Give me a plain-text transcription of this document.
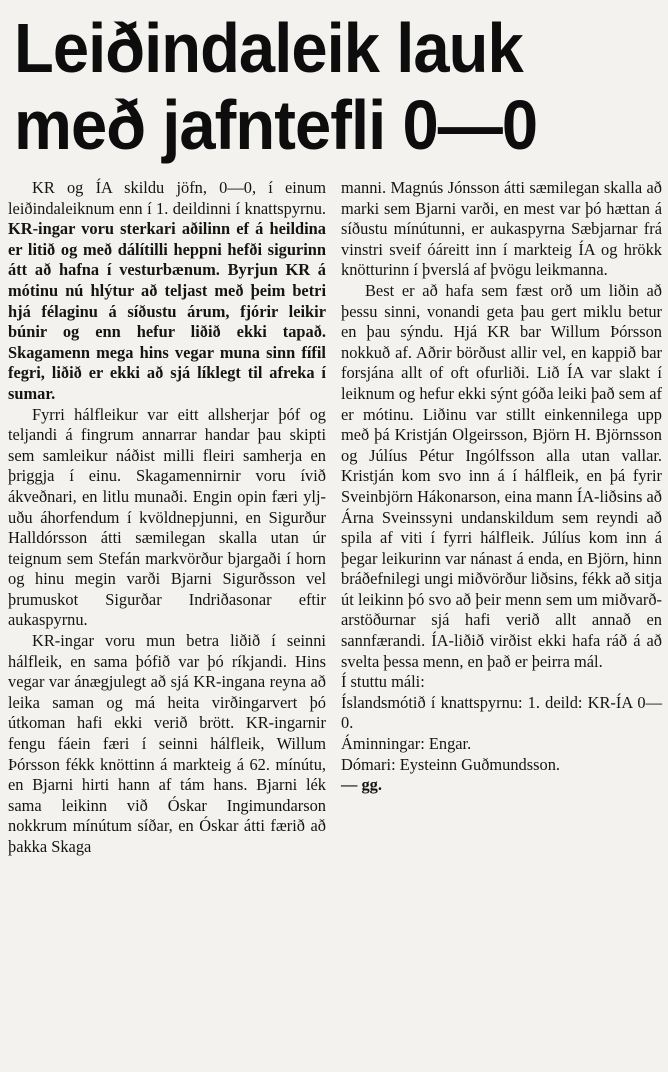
Leiðindaleik lauk
með jafntefli 0—0

KR og ÍA skildu jöfn, 0—0, í einum leiðindaleiknum enn í 1. deildinni í knattspyrnu. KR-ingar voru sterkari aðilinn ef á heildina er litið og með dálítilli heppni hefði sigurinn átt að hafna í vesturbænum. Byrjun KR á mótinu nú hlýtur að teljast með þeim betri hjá félaginu á síðustu árum, fjórir leikir búnir og enn hefur liðið ekki tapað. Skagamenn mega hins vegar muna sinn fífil fegri, liðið er ekki að sjá líklegt til afreka í sumar.

Fyrri hálfleikur var eitt allsherjar þóf og teljandi á fingrum annarrar handar þau skipti sem samleikur náðist milli fleiri samherja en þriggja í einu. Skagamennirnir voru ívið ákveðnari, en litlu munaði. Engin opin færi yljuðu áhorfendum í kvöldnepjunni, en Sigurður Halldórsson átti sæmilegan skalla utan úr teignum sem Stefán markvörður bjargaði í horn og hinu megin varði Bjarni Sigurðsson vel þrumuskot Sigurðar Indriðasonar eftir aukaspyrnu.

KR-ingar voru mun betra liðið í seinni hálfleik, en sama þófið var þó ríkjandi. Hins vegar var ánægjulegt að sjá KR-ingana reyna að leika saman og má heita virðingarvert þó útkoman hafi ekki verið brött. KR-ingarnir fengu fáein færi í seinni hálfleik, Willum Þórsson fékk knöttinn á markteig á 62. mínútu, en Bjarni hirti hann af tám hans. Bjarni lék sama leikinn við Óskar Ingimundarson nokkrum mínútum síðar, en Óskar átti færið að þakka Skaga

manni. Magnús Jónsson átti sæmilegan skalla að marki sem Bjarni varði, en mest var þó hættan á síðustu mínútunni, er aukaspyrna Sæbjarnar frá vinstri sveif óáreitt inn í markteig ÍA og hrökk knötturinn í þverslá af þvögu leikmanna.

Best er að hafa sem fæst orð um liðin að þessu sinni, vonandi geta þau gert miklu betur en þau sýndu. Hjá KR bar Willum Þórsson nokkuð af. Aðrir börðust allir vel, en kappið bar forsjána allt of oft ofurliði. Lið ÍA var slakt í leiknum og hefur ekki sýnt góða leiki það sem af er mótinu. Liðinu var stillt einkennilega upp með þá Kristján Olgeirsson, Björn H. Björnsson og Júlíus Pétur Ingólfsson alla utan vallar. Kristján kom svo inn á í hálfleik, en þá fyrir Sveinbjörn Hákonarson, eina mann ÍA-liðsins að Árna Sveinssyni undanskildum sem reyndi að spila af viti í fyrri hálfleik. Júlíus kom inn á þegar leikurinn var nánast á enda, en Björn, hinn bráðefnilegi ungi miðvörður liðsins, fékk að sitja út leikinn þó svo að þeir menn sem um miðvarðarstöðurnar sjá hafi verið allt annað en sannfærandi. ÍA-liðið virðist ekki hafa ráð á að svelta þessa menn, en það er þeirra mál.

Í stuttu máli:

Íslandsmótið í knattspyrnu: 1. deild: KR-ÍA 0—0.

Áminningar: Engar.

Dómari: Eysteinn Guðmundsson.

— gg.
